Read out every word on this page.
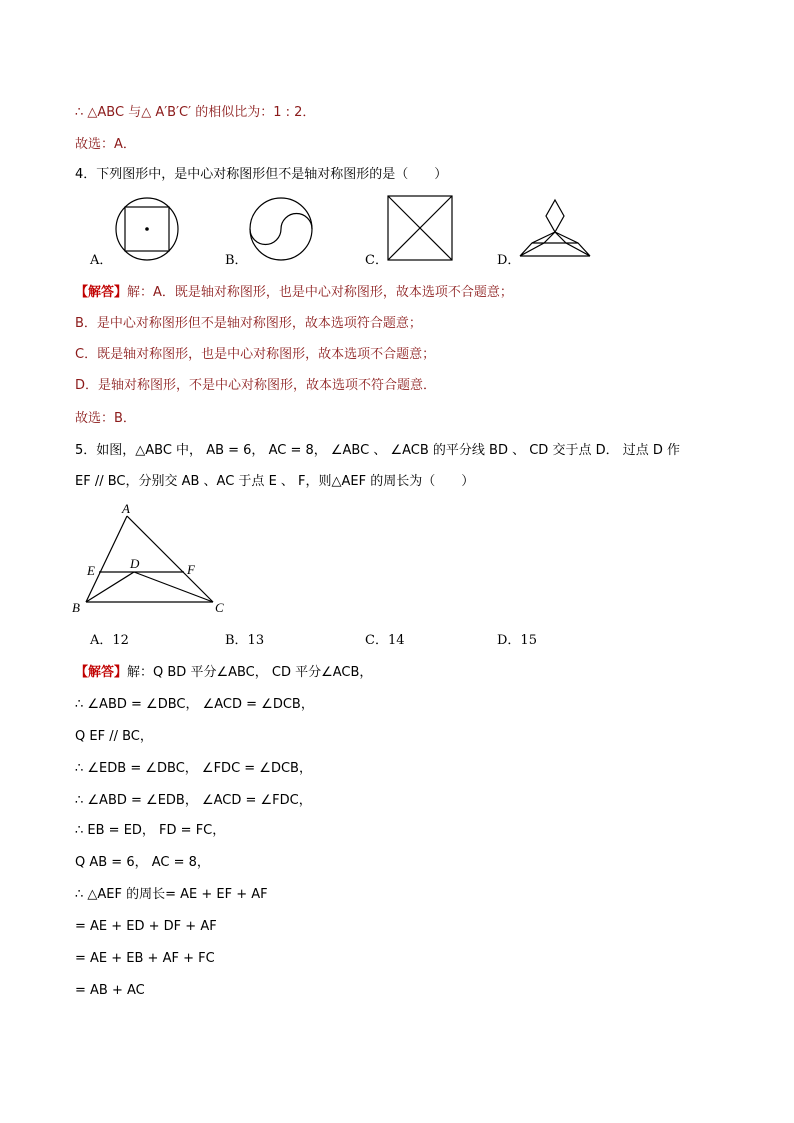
∴ △ABC 与△ A′B′C′ 的相似比为：1 : 2．
故选：A．
4．下列图形中，是中心对称图形但不是轴对称图形的是（　　）
A．	B．	C．	D．
【解答】解：A．既是轴对称图形，也是中心对称图形，故本选项不合题意；
B．是中心对称图形但不是轴对称图形，故本选项符合题意；
C．既是轴对称图形，也是中心对称图形，故本选项不合题意；
D．是轴对称图形，不是中心对称图形，故本选项不符合题意．
故选：B．
5．如图，△ABC 中， AB = 6， AC = 8， ∠ABC 、 ∠ACB 的平分线 BD 、 CD 交于点 D． 过点 D 作
EF // BC，分别交 AB 、AC 于点 E 、 F，则△AEF 的周长为（　　）
A
E	D	F
B	C
A．12	B．13	C．14	D．15
【解答】解：Q BD 平分∠ABC， CD 平分∠ACB，
∴ ∠ABD = ∠DBC， ∠ACD = ∠DCB，
Q EF // BC，
∴ ∠EDB = ∠DBC， ∠FDC = ∠DCB，
∴ ∠ABD = ∠EDB， ∠ACD = ∠FDC，
∴ EB = ED， FD = FC，
Q AB = 6， AC = 8，
∴ △AEF 的周长= AE + EF + AF
= AE + ED + DF + AF
= AE + EB + AF + FC
= AB + AC
